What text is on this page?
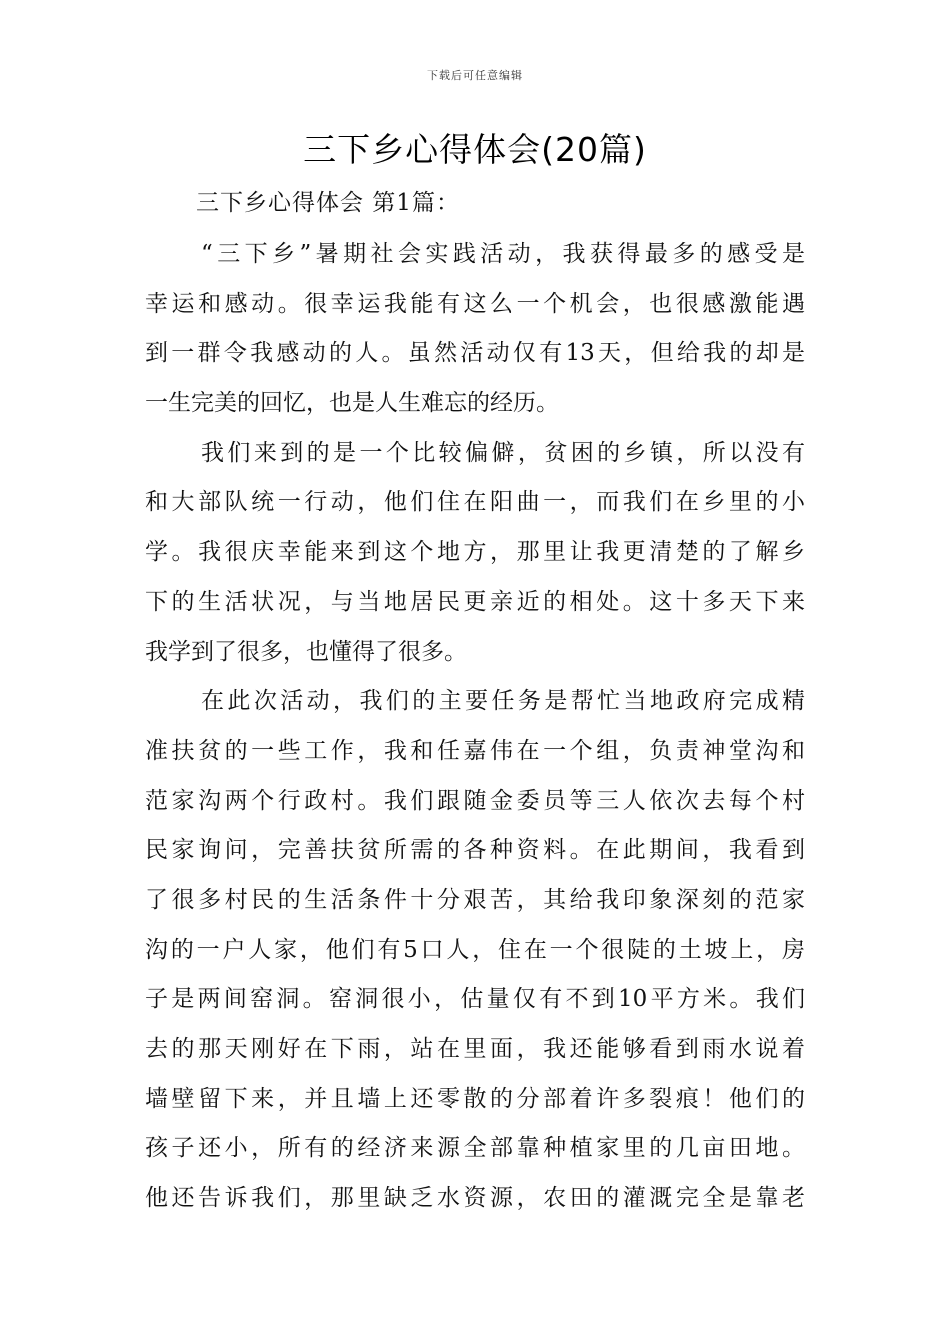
下载后可任意编辑
三下乡心得体会(20篇)
三下乡心得体会 第1篇：
“三下乡”暑期社会实践活动，我获得最多的感受是
幸运和感动。很幸运我能有这么一个机会，也很感激能遇
到一群令我感动的人。虽然活动仅有13天，但给我的却是
一生完美的回忆，也是人生难忘的经历。
我们来到的是一个比较偏僻，贫困的乡镇，所以没有
和大部队统一行动，他们住在阳曲一，而我们在乡里的小
学。我很庆幸能来到这个地方，那里让我更清楚的了解乡
下的生活状况，与当地居民更亲近的相处。这十多天下来
我学到了很多，也懂得了很多。
在此次活动，我们的主要任务是帮忙当地政府完成精
准扶贫的一些工作，我和任嘉伟在一个组，负责神堂沟和
范家沟两个行政村。我们跟随金委员等三人依次去每个村
民家询问，完善扶贫所需的各种资料。在此期间，我看到
了很多村民的生活条件十分艰苦，其给我印象深刻的范家
沟的一户人家，他们有5口人，住在一个很陡的土坡上，房
子是两间窑洞。窑洞很小，估量仅有不到10平方米。我们
去的那天刚好在下雨，站在里面，我还能够看到雨水说着
墙壁留下来，并且墙上还零散的分部着许多裂痕！他们的
孩子还小，所有的经济来源全部靠种植家里的几亩田地。
他还告诉我们，那里缺乏水资源，农田的灌溉完全是靠老
